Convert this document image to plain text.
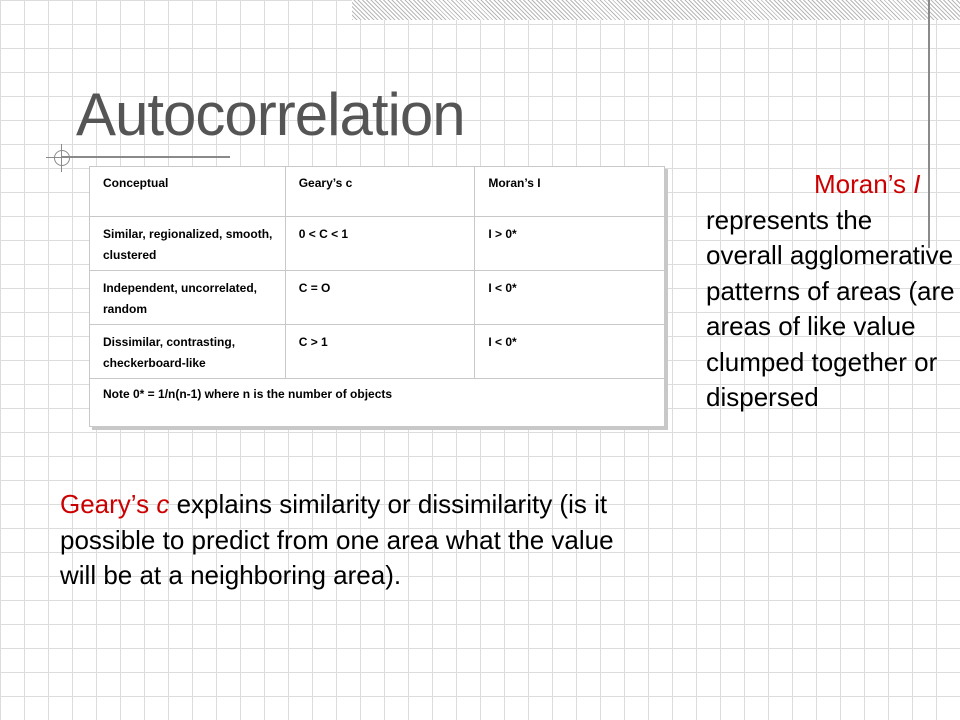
Autocorrelation
Conceptual	Geary’s c	Moran’s I
Similar, regionalized, smooth, clustered	0 < C < 1	I > 0*
Independent, uncorrelated, random	C = O	I < 0*
Dissimilar, contrasting, checkerboard-like	C > 1	I < 0*
Note 0* = 1/n(n-1) where n is the number of objects		

Moran’s I represents the overall agglomerative patterns of areas (are areas of like value clumped together or dispersed

Geary’s c explains similarity or dissimilarity (is it possible to predict from one area what the value will be at a neighboring area).
